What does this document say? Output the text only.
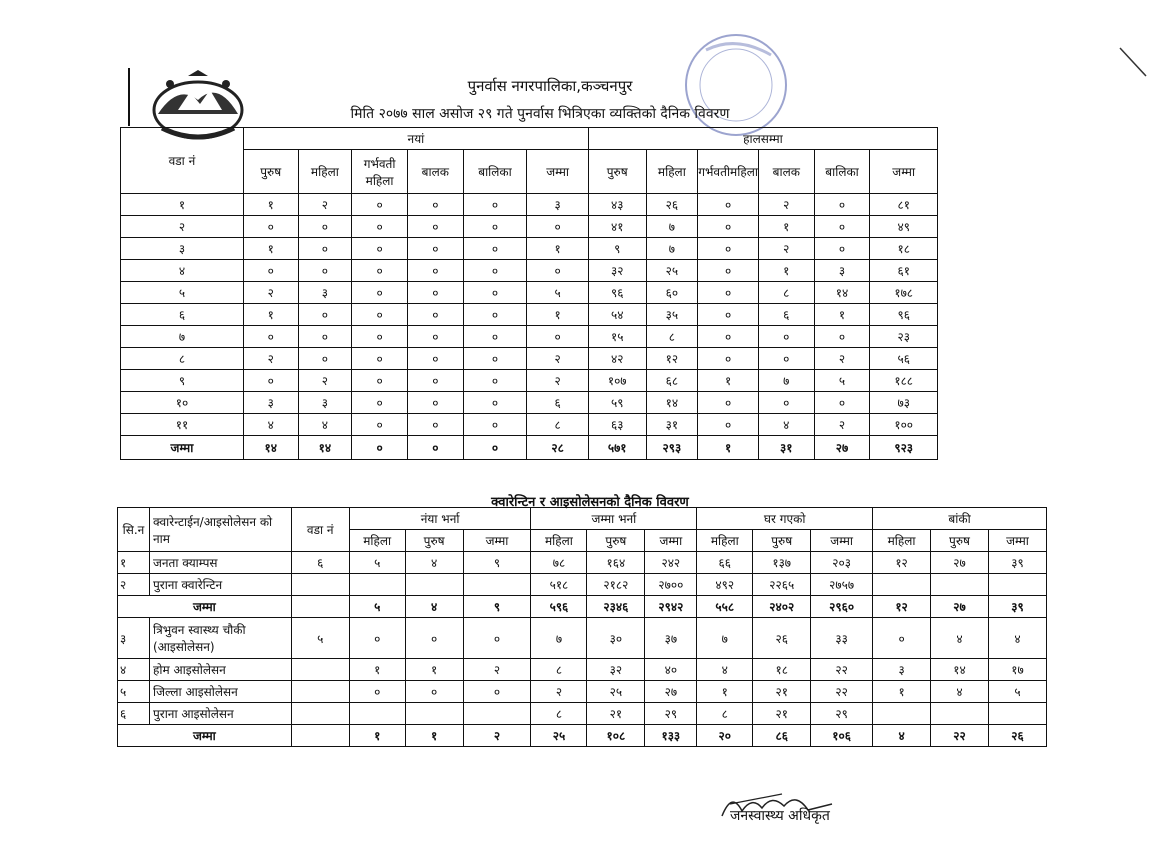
पुनर्वास नगरपालिका,कञ्चनपुर
मिति २०७७ साल असोज २९ गते पुनर्वास भित्रिएका व्यक्तिको दैनिक विवरण
वडा नं	नयां						हालसम्मा					
	पुरुष	महिला	गर्भवती महिला	बालक	बालिका	जम्मा	पुरुष	महिला	गर्भवतीमहिला	बालक	बालिका	जम्मा
१	१	२	०	०	०	३	४३	२६	०	२	०	८१
२	०	०	०	०	०	०	४१	७	०	१	०	४९
३	१	०	०	०	०	१	९	७	०	२	०	१८
४	०	०	०	०	०	०	३२	२५	०	१	३	६१
५	२	३	०	०	०	५	९६	६०	०	८	१४	१७८
६	१	०	०	०	०	१	५४	३५	०	६	१	९६
७	०	०	०	०	०	०	१५	८	०	०	०	२३
८	२	०	०	०	०	२	४२	१२	०	०	२	५६
९	०	२	०	०	०	२	१०७	६८	१	७	५	१८८
१०	३	३	०	०	०	६	५९	१४	०	०	०	७३
११	४	४	०	०	०	८	६३	३१	०	४	२	१००
जम्मा	१४	१४	०	०	०	२८	५७१	२९३	१	३१	२७	९२३
क्वारेन्टिन र आइसोलेसनको दैनिक विवरण
सि.न	क्वारेन्टाईन/आइसोलेसन को नाम	वडा नं	नंया भर्ना			जम्मा भर्ना			घर गएको			बांकी		
			महिला	पुरुष	जम्मा	महिला	पुरुष	जम्मा	महिला	पुरुष	जम्मा	महिला	पुरुष	जम्मा
१	जनता क्याम्पस	६	५	४	९	७८	१६४	२४२	६६	१३७	२०३	१२	२७	३९
२	पुराना क्वारेन्टिन					५१८	२१८२	२७००	४९२	२२६५	२७५७			
जम्मा			५	४	९	५९६	२३४६	२९४२	५५८	२४०२	२९६०	१२	२७	३९
३	त्रिभुवन स्वास्थ्य चौकी (आइसोलेसन)	५	०	०	०	७	३०	३७	७	२६	३३	०	४	४
४	होम आइसोलेसन		१	१	२	८	३२	४०	४	१८	२२	३	१४	१७
५	जिल्ला आइसोलेसन		०	०	०	२	२५	२७	१	२१	२२	१	४	५
६	पुराना आइसोलेसन					८	२१	२९	८	२१	२९			
जम्मा			१	१	२	२५	१०८	१३३	२०	८६	१०६	४	२२	२६
जनस्वास्थ्य अधिकृत
